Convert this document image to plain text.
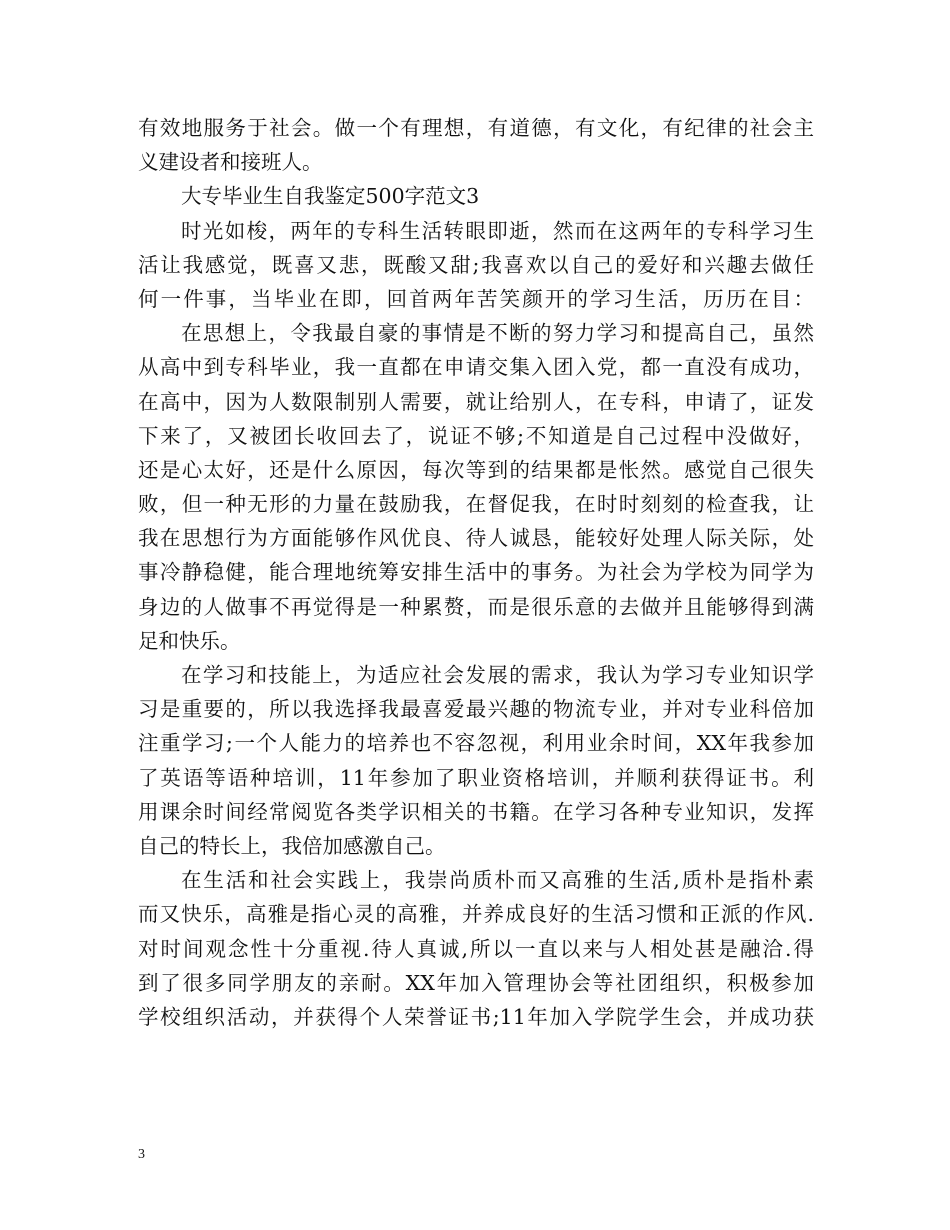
有效地服务于社会。做一个有理想，有道德，有文化，有纪律的社会主
义建设者和接班人。
大专毕业生自我鉴定500字范文3
时光如梭，两年的专科生活转眼即逝，然而在这两年的专科学习生
活让我感觉，既喜又悲，既酸又甜;我喜欢以自己的爱好和兴趣去做任
何一件事，当毕业在即，回首两年苦笑颜开的学习生活，历历在目：
在思想上，令我最自豪的事情是不断的努力学习和提高自己，虽然
从高中到专科毕业，我一直都在申请交集入团入党，都一直没有成功，
在高中，因为人数限制别人需要，就让给别人，在专科，申请了，证发
下来了，又被团长收回去了，说证不够;不知道是自己过程中没做好，
还是心太好，还是什么原因，每次等到的结果都是怅然。感觉自己很失
败，但一种无形的力量在鼓励我，在督促我，在时时刻刻的检查我，让
我在思想行为方面能够作风优良、待人诚恳，能较好处理人际关际，处
事冷静稳健，能合理地统筹安排生活中的事务。为社会为学校为同学为
身边的人做事不再觉得是一种累赘，而是很乐意的去做并且能够得到满
足和快乐。
在学习和技能上，为适应社会发展的需求，我认为学习专业知识学
习是重要的，所以我选择我最喜爱最兴趣的物流专业，并对专业科倍加
注重学习;一个人能力的培养也不容忽视，利用业余时间，XX年我参加
了英语等语种培训，11年参加了职业资格培训，并顺利获得证书。利
用课余时间经常阅览各类学识相关的书籍。在学习各种专业知识，发挥
自己的特长上，我倍加感激自己。
在生活和社会实践上，我崇尚质朴而又高雅的生活,质朴是指朴素
而又快乐，高雅是指心灵的高雅，并养成良好的生活习惯和正派的作风.
对时间观念性十分重视.待人真诚,所以一直以来与人相处甚是融洽.得
到了很多同学朋友的亲耐。XX年加入管理协会等社团组织，积极参加
学校组织活动，并获得个人荣誉证书;11年加入学院学生会，并成功获
3
